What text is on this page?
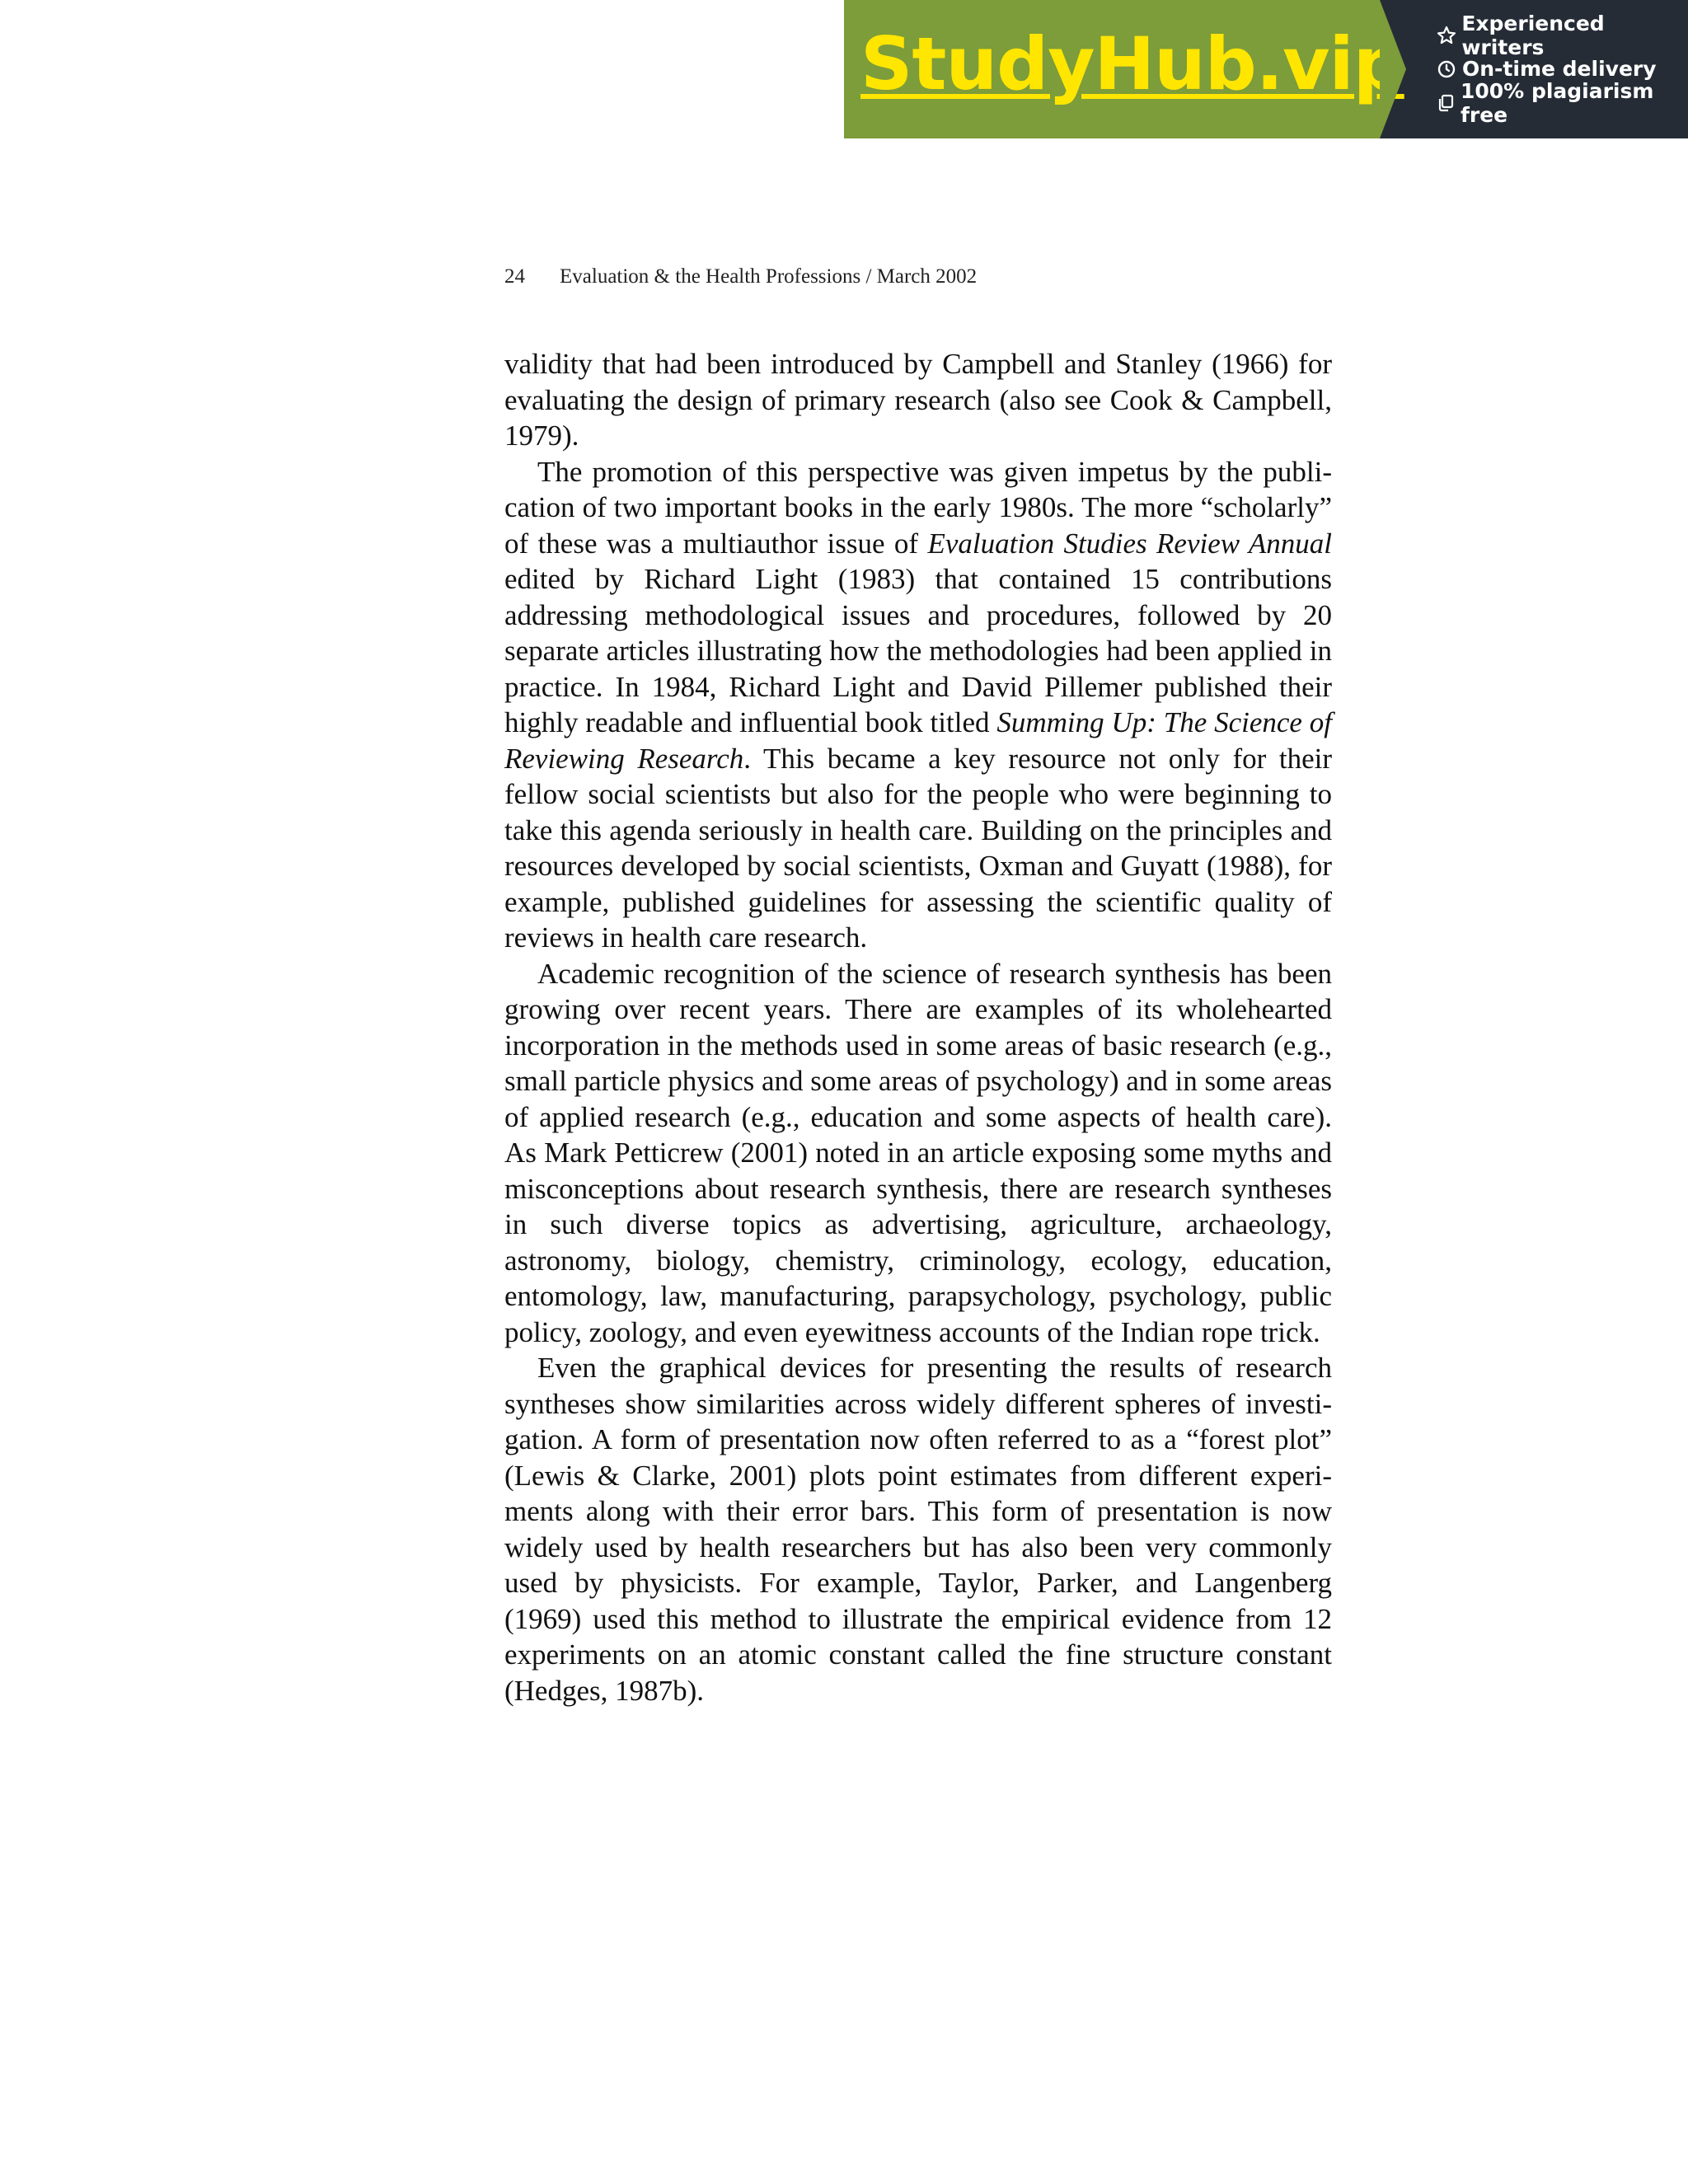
StudyHub.vip	Experienced writers
On-time delivery
100% plagiarism free
24 Evaluation & the Health Professions / March 2002

validity that had been introduced by Campbell and Stanley (1966) for evaluating the design of primary research (also see Cook & Campbell, 1979).

The promotion of this perspective was given impetus by the publication of two important books in the early 1980s. The more “scholarly” of these was a multiauthor issue of Evaluation Studies Review Annual edited by Richard Light (1983) that contained 15 contributions addressing methodological issues and procedures, followed by 20 separate articles illustrating how the methodologies had been applied in practice. In 1984, Richard Light and David Pillemer published their highly readable and influential book titled Summing Up: The Science of Reviewing Research. This became a key resource not only for their fellow social scientists but also for the people who were beginning to take this agenda seriously in health care. Building on the principles and resources developed by social scientists, Oxman and Guyatt (1988), for example, published guidelines for assessing the scientific quality of reviews in health care research.

Academic recognition of the science of research synthesis has been growing over recent years. There are examples of its wholehearted incorporation in the methods used in some areas of basic research (e.g., small particle physics and some areas of psychology) and in some areas of applied research (e.g., education and some aspects of health care). As Mark Petticrew (2001) noted in an article exposing some myths and misconceptions about research synthesis, there are research syntheses in such diverse topics as advertising, agriculture, archaeology, astronomy, biology, chemistry, criminology, ecology, education, entomology, law, manufacturing, parapsychology, psychology, public policy, zoology, and even eyewitness accounts of the Indian rope trick.

Even the graphical devices for presenting the results of research syntheses show similarities across widely different spheres of investigation. A form of presentation now often referred to as a “forest plot” (Lewis & Clarke, 2001) plots point estimates from different experiments along with their error bars. This form of presentation is now widely used by health researchers but has also been very commonly used by physicists. For example, Taylor, Parker, and Langenberg (1969) used this method to illustrate the empirical evidence from 12 experiments on an atomic constant called the fine structure constant (Hedges, 1987b).
